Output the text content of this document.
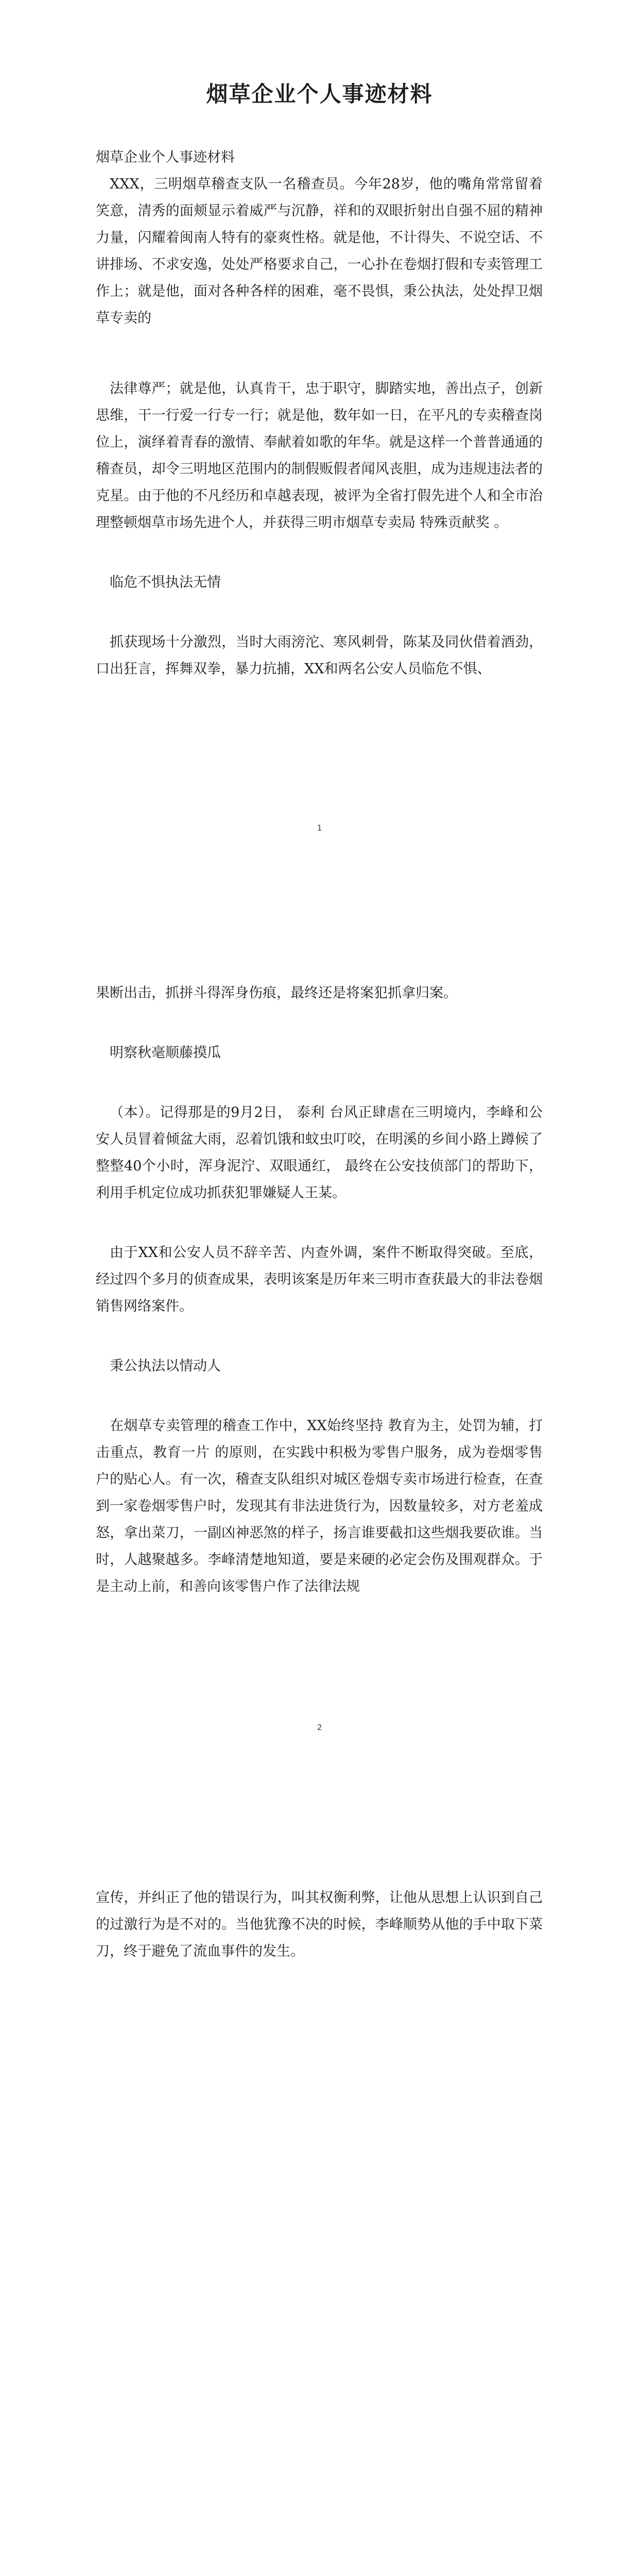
烟草企业个人事迹材料

烟草企业个人事迹材料

XXX，三明烟草稽查支队一名稽查员。今年28岁，他的嘴角常常留着笑意，清秀的面颊显示着威严与沉静，祥和的双眼折射出自强不屈的精神力量，闪耀着闽南人特有的豪爽性格。就是他，不计得失、不说空话、不讲排场、不求安逸，处处严格要求自己，一心扑在卷烟打假和专卖管理工作上；就是他，面对各种各样的困难，毫不畏惧，秉公执法，处处捍卫烟草专卖的

法律尊严；就是他，认真肯干，忠于职守，脚踏实地，善出点子，创新思维，干一行爱一行专一行；就是他，数年如一日，在平凡的专卖稽查岗位上，演绎着青春的激情、奉献着如歌的年华。就是这样一个普普通通的稽查员，却令三明地区范围内的制假贩假者闻风丧胆，成为违规违法者的克星。由于他的不凡经历和卓越表现，被评为全省打假先进个人和全市治理整顿烟草市场先进个人，并获得三明市烟草专卖局 特殊贡献奖 。

临危不惧执法无情

抓获现场十分激烈，当时大雨滂沱、寒风刺骨，陈某及同伙借着酒劲，口出狂言，挥舞双拳，暴力抗捕，XX和两名公安人员临危不惧、

1

果断出击，抓拼斗得浑身伤痕，最终还是将案犯抓拿归案。

明察秋毫顺藤摸瓜

（本）。记得那是的9月2日， 泰利 台风正肆虐在三明境内，李峰和公安人员冒着倾盆大雨，忍着饥饿和蚊虫叮咬，在明溪的乡间小路上蹲候了整整40个小时，浑身泥泞、双眼通红， 最终在公安技侦部门的帮助下，利用手机定位成功抓获犯罪嫌疑人王某。

由于XX和公安人员不辞辛苦、内查外调，案件不断取得突破。至底，经过四个多月的侦查成果，表明该案是历年来三明市查获最大的非法卷烟销售网络案件。

秉公执法以情动人

在烟草专卖管理的稽查工作中，XX始终坚持 教育为主，处罚为辅，打击重点，教育一片 的原则，在实践中积极为零售户服务，成为卷烟零售户的贴心人。有一次，稽查支队组织对城区卷烟专卖市场进行检查，在查到一家卷烟零售户时，发现其有非法进货行为，因数量较多，对方老羞成怒，拿出菜刀，一副凶神恶煞的样子，扬言谁要截扣这些烟我要砍谁。当时，人越聚越多。李峰清楚地知道，要是来硬的必定会伤及围观群众。于是主动上前，和善向该零售户作了法律法规

2

宣传，并纠正了他的错误行为，叫其权衡利弊，让他从思想上认识到自己的过激行为是不对的。当他犹豫不决的时候，李峰顺势从他的手中取下菜刀，终于避免了流血事件的发生。
